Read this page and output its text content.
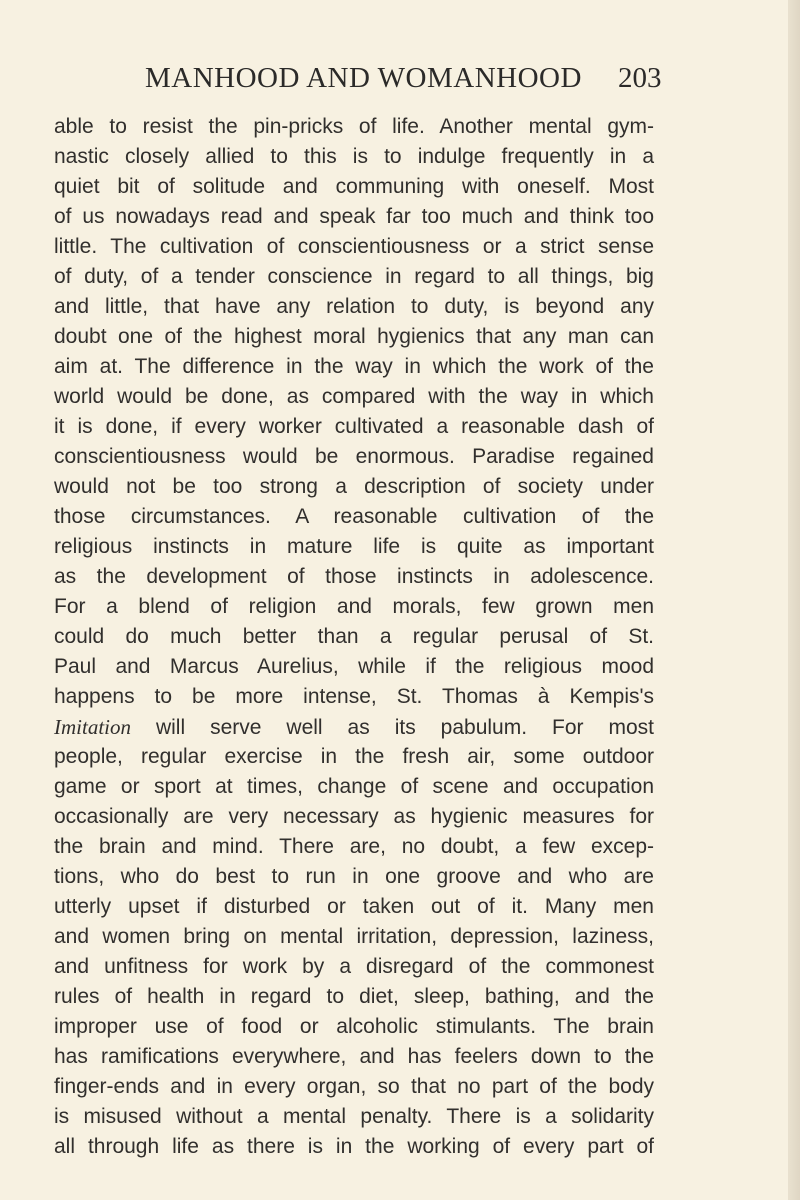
MANHOOD AND WOMANHOOD 203
able to resist the pin-pricks of life. Another mental gym-
nastic closely allied to this is to indulge frequently in a
quiet bit of solitude and communing with oneself. Most
of us nowadays read and speak far too much and think too
little. The cultivation of conscientiousness or a strict sense
of duty, of a tender conscience in regard to all things, big
and little, that have any relation to duty, is beyond any
doubt one of the highest moral hygienics that any man can
aim at. The difference in the way in which the work of the
world would be done, as compared with the way in which
it is done, if every worker cultivated a reasonable dash of
conscientiousness would be enormous. Paradise regained
would not be too strong a description of society under
those circumstances. A reasonable cultivation of the
religious instincts in mature life is quite as important
as the development of those instincts in adolescence.
For a blend of religion and morals, few grown men
could do much better than a regular perusal of St.
Paul and Marcus Aurelius, while if the religious mood
happens to be more intense, St. Thomas à Kempis's
Imitation will serve well as its pabulum. For most
people, regular exercise in the fresh air, some outdoor
game or sport at times, change of scene and occupation
occasionally are very necessary as hygienic measures for
the brain and mind. There are, no doubt, a few excep-
tions, who do best to run in one groove and who are
utterly upset if disturbed or taken out of it. Many men
and women bring on mental irritation, depression, laziness,
and unfitness for work by a disregard of the commonest
rules of health in regard to diet, sleep, bathing, and the
improper use of food or alcoholic stimulants. The brain
has ramifications everywhere, and has feelers down to the
finger-ends and in every organ, so that no part of the body
is misused without a mental penalty. There is a solidarity
all through life as there is in the working of every part of
